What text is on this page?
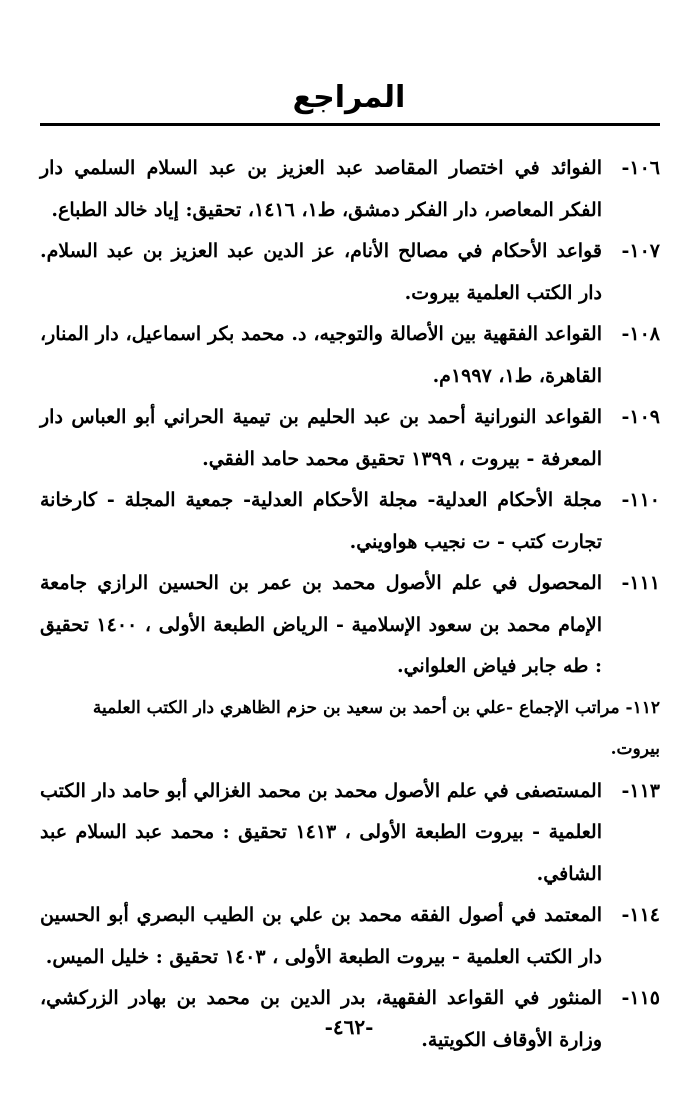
المراجع
١٠٦-
الفوائد في اختصار المقاصد عبد العزيز بن عبد السلام السلمي دار الفكر المعاصر، دار الفكر دمشق، ط١، ١٤١٦، تحقيق: إياد خالد الطباع.
١٠٧-
قواعد الأحكام في مصالح الأنام، عز الدين عبد العزيز بن عبد السلام. دار الكتب العلمية بيروت.
١٠٨-
القواعد الفقهية بين الأصالة والتوجيه، د. محمد بكر اسماعيل، دار المنار، القاهرة، ط١، ١٩٩٧م.
١٠٩-
القواعد النورانية أحمد بن عبد الحليم بن تيمية الحراني أبو العباس دار المعرفة - بيروت ، ١٣٩٩ تحقيق محمد حامد الفقي.
١١٠-
مجلة الأحكام العدلية- مجلة الأحكام العدلية- جمعية المجلة - كارخانة تجارت كتب - ت نجيب هواويني.
١١١-
المحصول في علم الأصول محمد بن عمر بن الحسين الرازي جامعة الإمام محمد بن سعود الإسلامية - الرياض الطبعة الأولى ، ١٤٠٠ تحقيق : طه جابر فياض العلواني.
١١٢- مراتب الإجماع -علي بن أحمد بن سعيد بن حزم الظاهري دار الكتب العلمية بيروت.
١١٣-
المستصفى في علم الأصول محمد بن محمد الغزالي أبو حامد دار الكتب العلمية - بيروت الطبعة الأولى ، ١٤١٣ تحقيق : محمد عبد السلام عبد الشافي.
١١٤-
المعتمد في أصول الفقه محمد بن علي بن الطيب البصري أبو الحسين دار الكتب العلمية - بيروت الطبعة الأولى ، ١٤٠٣ تحقيق : خليل الميس.
١١٥-
المنثور في القواعد الفقهية، بدر الدين بن محمد بن بهادر الزركشي، وزارة الأوقاف الكويتية.
-٤٦٢-
